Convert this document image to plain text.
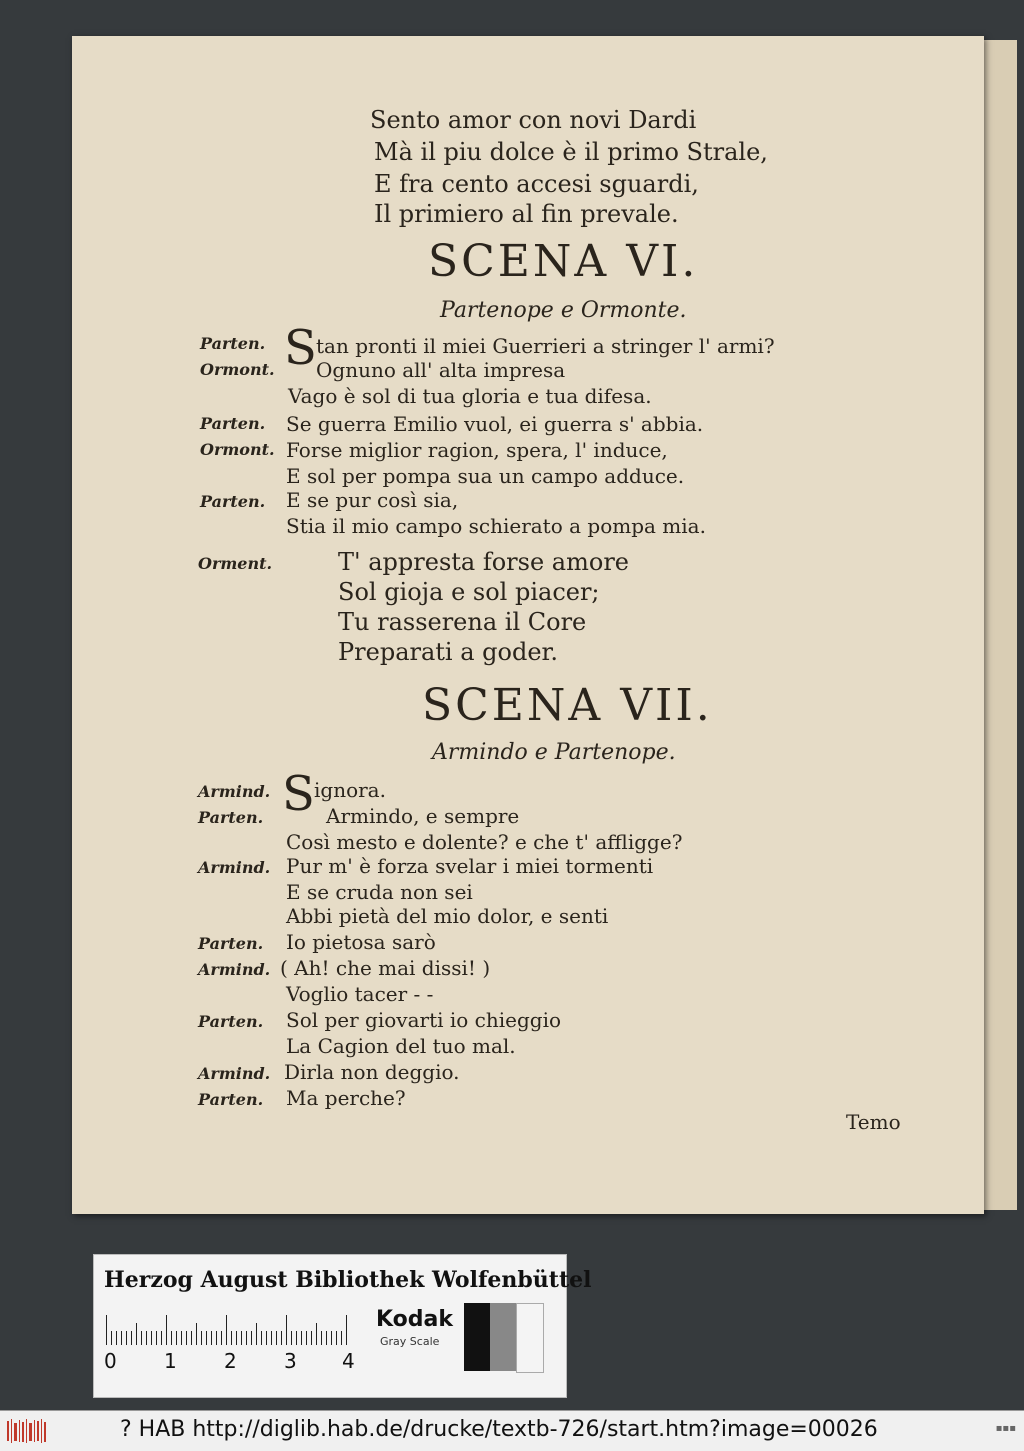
Sento amor con novi Dardi
Mà il piu dolce è il primo Strale,
E fra cento accesi sguardi,
Il primiero al fin prevale.
SCENA VI.
Partenope e Ormonte.
Parten. S tan pronti il miei Guerrieri a stringer l' armi?
Ormont. Ognuno all' alta impresa
Vago è sol di tua gloria e tua difesa.
Parten. Se guerra Emilio vuol, ei guerra s' abbia.
Ormont. Forse miglior ragion, spera, l' induce,
E sol per pompa sua un campo adduce.
Parten. E se pur così sia,
Stia il mio campo schierato a pompa mia.
Orment.	T' appresta forse amore
Sol gioja e sol piacer;
Tu rasserena il Core
Preparati a goder.
SCENA VII.
Armindo e Partenope.
Armind. S ignora.
Parten.	Armindo, e sempre
Così mesto e dolente? e che t' affligge?
Armind. Pur m' è forza svelar i miei tormenti
E se cruda non sei
Abbi pietà del mio dolor, e senti
Parten. Io pietosa sarò
Armind. ( Ah! che mai dissi! )
Voglio tacer - -
Parten. Sol per giovarti io chieggio
La Cagion del tuo mal.
Armind. Dirla non deggio.
Parten. Ma perche?
Temo
Herzog August Bibliothek Wolfenbüttel
0 1 2 3 4
Kodak
Gray Scale
? HAB http://diglib.hab.de/drucke/textb-726/start.htm?image=00026	▪▪▪
